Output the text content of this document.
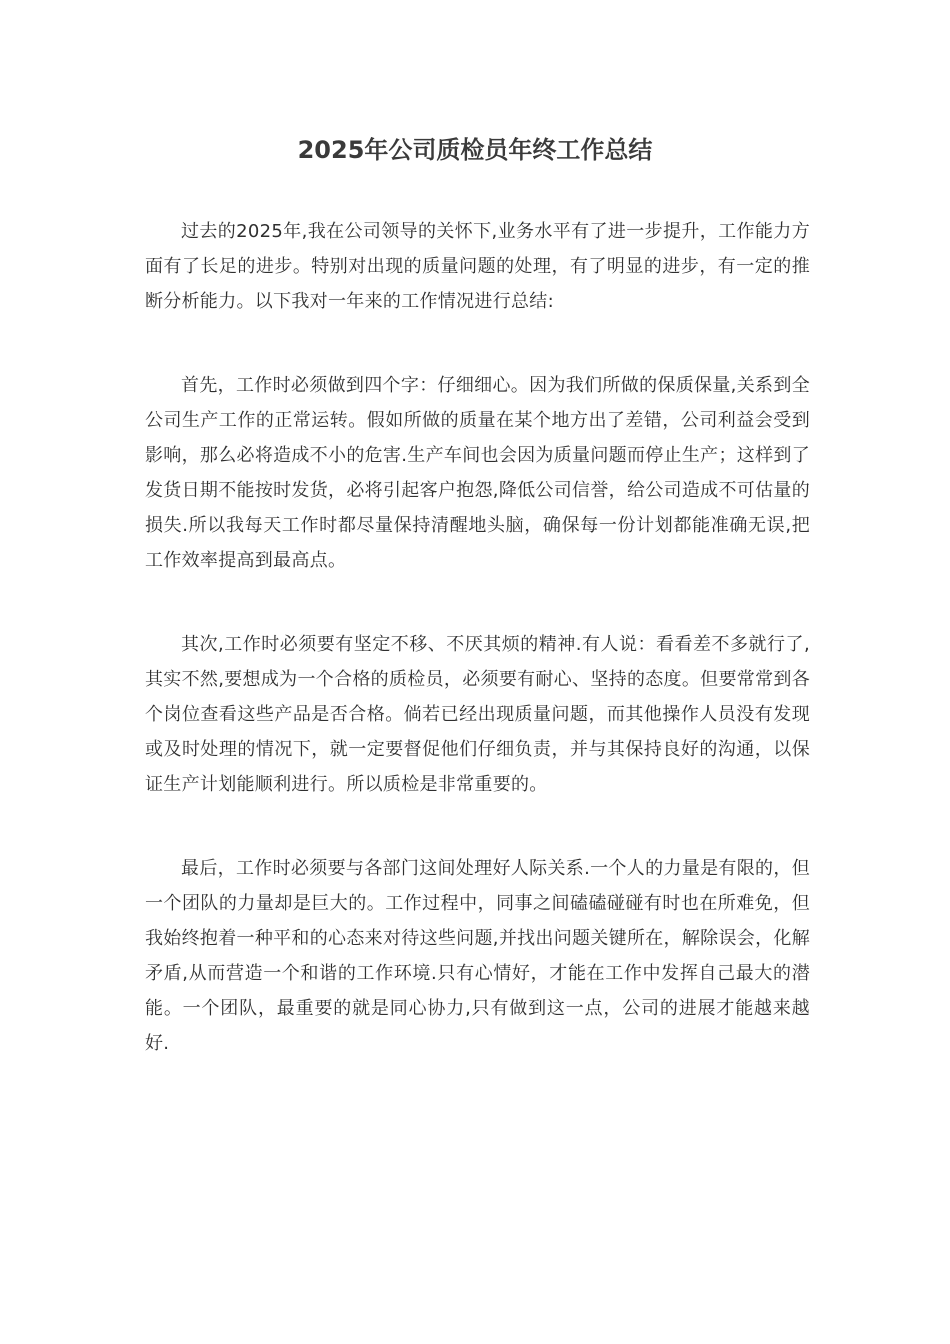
2025年公司质检员年终工作总结

过去的2025年,我在公司领导的关怀下,业务水平有了进一步提升，工作能力方面有了长足的进步。特别对出现的质量问题的处理，有了明显的进步，有一定的推断分析能力。以下我对一年来的工作情况进行总结:

首先，工作时必须做到四个字：仔细细心。因为我们所做的保质保量,关系到全公司生产工作的正常运转。假如所做的质量在某个地方出了差错，公司利益会受到影响，那么必将造成不小的危害.生产车间也会因为质量问题而停止生产；这样到了发货日期不能按时发货，必将引起客户抱怨,降低公司信誉，给公司造成不可估量的损失.所以我每天工作时都尽量保持清醒地头脑，确保每一份计划都能准确无误,把工作效率提高到最高点。

其次,工作时必须要有坚定不移、不厌其烦的精神.有人说：看看差不多就行了,其实不然,要想成为一个合格的质检员，必须要有耐心、坚持的态度。但要常常到各个岗位查看这些产品是否合格。倘若已经出现质量问题，而其他操作人员没有发现或及时处理的情况下，就一定要督促他们仔细负责，并与其保持良好的沟通，以保证生产计划能顺利进行。所以质检是非常重要的。

最后，工作时必须要与各部门这间处理好人际关系.一个人的力量是有限的，但一个团队的力量却是巨大的。工作过程中，同事之间磕磕碰碰有时也在所难免，但我始终抱着一种平和的心态来对待这些问题,并找出问题关键所在，解除误会，化解矛盾,从而营造一个和谐的工作环境.只有心情好，才能在工作中发挥自己最大的潜能。一个团队，最重要的就是同心协力,只有做到这一点，公司的进展才能越来越好.
